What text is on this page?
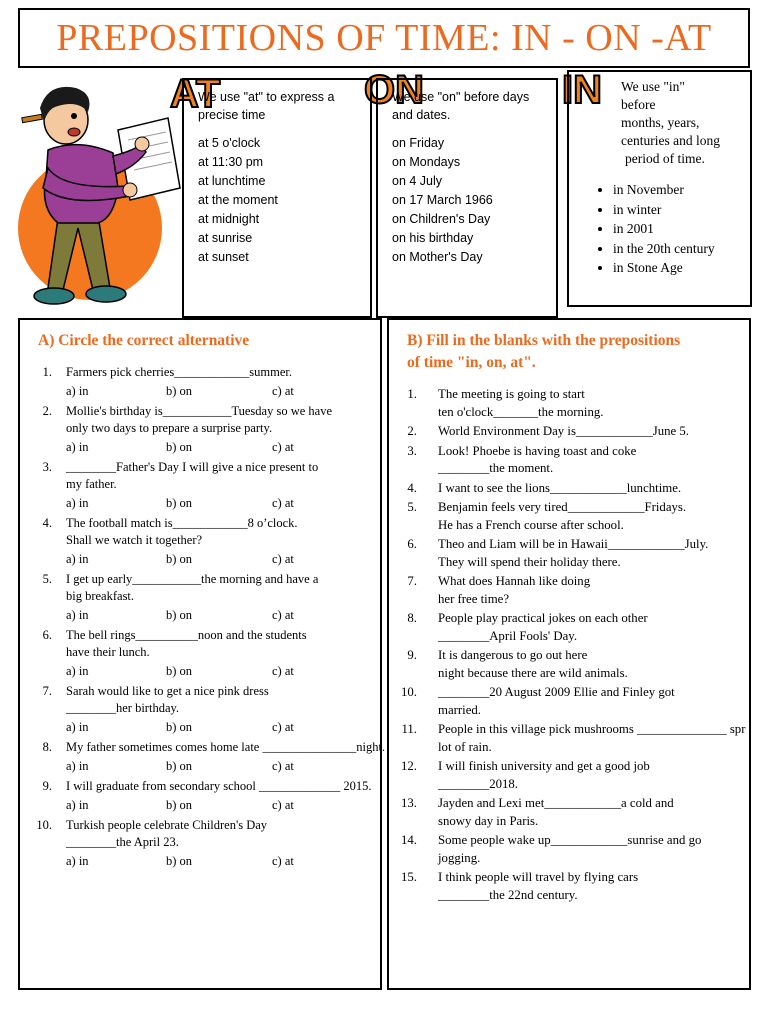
PREPOSITIONS OF TIME: IN - ON -AT
AT	ON	IN
We use "at" to express a
precise time
at 5 o'clock
at 11:30 pm
at lunchtime
at the moment
at midnight
at sunrise
at sunset
We use "on" before days
and dates.
on Friday
on Mondays
on 4 July
on 17 March 1966
on Children's Day
on his birthday
on Mother's Day
We use "in"
before
months, years,
centuries and long
period of time.
• in November
• in winter
• in 2001
• in the 20th century
• in Stone Age
A) Circle the correct alternative
1. Farmers pick cherries____________summer.
a) in	b) on	c) at
2. Mollie's birthday is___________Tuesday so we have
only two days to prepare a surprise party.
a) in	b) on	c) at
3. ________Father's Day I will give a nice present to
my father.
a) in	b) on	c) at
4. The football match is____________8 o’clock.
Shall we watch it together?
a) in	b) on	c) at
5. I get up early___________the morning and have a
big breakfast.
a) in	b) on	c) at
6. The bell rings__________noon and the students
have their lunch.
a) in	b) on	c) at
7. Sarah would like to get a nice pink dress
________her birthday.
a) in	b) on	c) at
8. My father sometimes comes home late _______________night.
a) in	b) on	c) at
9. I will graduate from secondary school _____________ 2015.
a) in	b) on	c) at
10. Turkish people celebrate Children's Day
________the April 23.
a) in	b) on	c) at
B) Fill in the blanks with the prepositions
of time "in, on, at".
1. The meeting is going to start
ten o'clock_______the morning.
2. World Environment Day is____________June 5.
3. Look! Phoebe is having toast and coke
________the moment.
4. I want to see the lions____________lunchtime.
5. Benjamin feels very tired____________Fridays.
He has a French course after school.
6. Theo and Liam will be in Hawaii____________July.
They will spend their holiday there.
7. What does Hannah like doing
her free time?
8. People play practical jokes on each other
________April Fools' Day.
9. It is dangerous to go out here
night because there are wild animals.
10. ________20 August 2009 Ellie and Finley got
married.
11. People in this village pick mushrooms ______________ spr
lot of rain.
12. I will finish university and get a good job
________2018.
13. Jayden and Lexi met____________a cold and
snowy day in Paris.
14. Some people wake up____________sunrise and go
jogging.
15. I think people will travel by flying cars
________the 22nd century.
